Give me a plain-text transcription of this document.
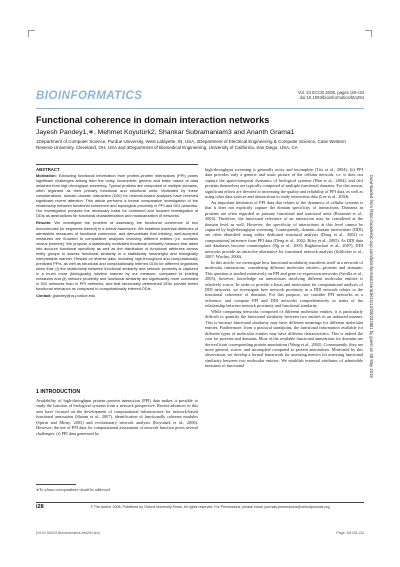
BIOINFORMATICS	Vol. 24 ECCB 2008, pages i28–i34
doi:10.1093/bioinformatics/btn294
Functional coherence in domain interaction networks
Jayesh Pandey1,∗, Mehmet Koyutürk2, Shankar Subramaniam3 and Ananth Grama1
1Department of Computer Science, Purdue University, West Lafayette, IN, USA, 2Department of Electrical Engineering & Computer Science, Case Western Reserve University, Cleveland, OH, USA and 3Department of Biomedical Engineering, University of California, San Diego, USA, CA
ABSTRACT

Motivation: Extracting functional information from protein–protein interactions (PPI) poses significant challenges arising from the noisy, incomplete, generic and static nature of data obtained from high-throughput screening. Typical proteins are composed of multiple domains, often regarded as their primary functional and structural units. Motivated by these considerations, domain–domain interaction (DDI) for network-based analyses have received significant recent attention. This article performs a formal comparative investigation of the relationship between functional coherence and topological proximity in PPI and DDI networks. Our investigation provides the necessary basis for continued and focused investigation of DDIs as abstractions for functional characterization and modularization of networks.

Results: We investigate the problem of assessing the functional coherence of two biomolecules (or segments thereof) in a formal framework. We establish essential attributes of admissible measures of functional coherence, and demonstrate that existing, well-accepted measures are ill-suited to comparative analyses involving different entities (i.e. domains versus proteins). We propose a statistically motivated functional similarity measure that takes into account functional specificity as well as the distribution of functional attributes across entity groups to assess functional similarity in a statistically meaningful and biologically interpretable manner. Results on diverse data, including high-throughput and computationally predicted PPIs, as well as structural and computationally inferred DDIs for different organisms show that: (i) the relationship between functional similarity and network proximity is captured in a much more (biologically) intuitive manner by our measure, compared to existing measures and (ii) network proximity and functional similarity are significantly more correlated in DDI networks than in PPI networks, and that structurally determined DDIs provide better functional relevance as compared to computationally inferred DDIs.

Contact: jpandey@cs.purdue.edu

1 INTRODUCTION

Availability of high-throughput protein–protein interaction (PPI) data makes it possible to study the function of biological systems from a network perspective. Recent advances in this area have focused on the development of computational infrastructure for network-based functional annotation (Sharan et al., 2007), identification of functionally coherent modules (Spirin and Mirny, 2003) and evolutionary network analysis (Koyutürk et al., 2006). However, the use of PPI data for computational assessment of network function poses several challenges: (i) PPI data generated by

∗To whom correspondence should be addressed.

high-throughput screening is generally noisy and incomplete (Titz et al., 2004); (ii) PPI data provides only a generic and static picture of the cellular network, i.e. it does not capture the spatio-temporal dynamics of biological systems (Han et al., 2004); and (iii) proteins themselves are typically composed of multiple functional domains. For this reason, significant efforts are devoted to increasing the quality and reliability of PPI data, as well as using other data sources and abstractions to study interaction data (Lee et al., 2004).

An important limitation of PPI data that relates to the dynamics of cellular systems is that it does not explicitly capture the domain specificity of interactions. Domains in proteins are often regarded as primary functional and structural units (Rossman et al., 2004). Therefore, the functional relevance of an interaction may be considered at the domain level as well. However, the specificity of interactions at this level cannot be captured by high-throughput screening. Consequently, domain–domain interactions (DDI) are often identified using either dedicated structural analysis (Deng et al., 2002) or computational inference from PPI data (Deng et al., 2002; Riley et al., 2005). As DDI data and databases become commonplace (Ng et al., 2003; Raghavachari et al., 2007), DDI networks provide an attractive alternative for functional network analysis (Schlicker et al., 2007; Wuchty, 2006).

In this article, we investigate how functional modularity manifests itself in a network of molecular interactions, considering different molecular entities—proteins and domains. This question is studied extensively on PPI and gene co-expression networks (Sevilla et al., 2005), however, knowledge on interactions involving different molecular entities is relatively scarce. In order to provide a basis and motivation for computational analysis of DDI networks, we investigate how network proximity in a DDI network relates to the functional coherence of domains. For this purpose, we consider PPI networks as a reference, and compare PPI and DDI networks comprehensively in terms of the relationship between network proximity and functional similarity.

While comparing networks composed of different molecular entities, it is particularly difficult to quantify the functional similarity between two entities in an unbiased manner. This is because functional similarity may have different meanings for different molecular entities. Furthermore, from a practical standpoint, the functional information available for different types of molecular entities may have different characteristics. This is indeed the case for proteins and domains. Most of the available functional annotations for domains are derived from corresponding protein annotations (Wang et al., 2002). Consequently, they are more general, scarce, and incomplete compared to protein annotations. Motivated by this observation, we develop a formal framework for assessing metrics for assessing functional similarity between two molecular entities. We establish essential attributes of admissible measures of functional	Downloaded from https://academic.oup.com/bioinformatics/article/24/13/i28/231801 by guest on 08 May 2019
i28	© The Author 2008. Published by Oxford University Press. All rights reserved. For Permissions, please email: journals.permissions@oxfordjournals.org
[19:41 6/6/03 Bioinformatics-btn294.tex]	Page: i28 i28–i34
